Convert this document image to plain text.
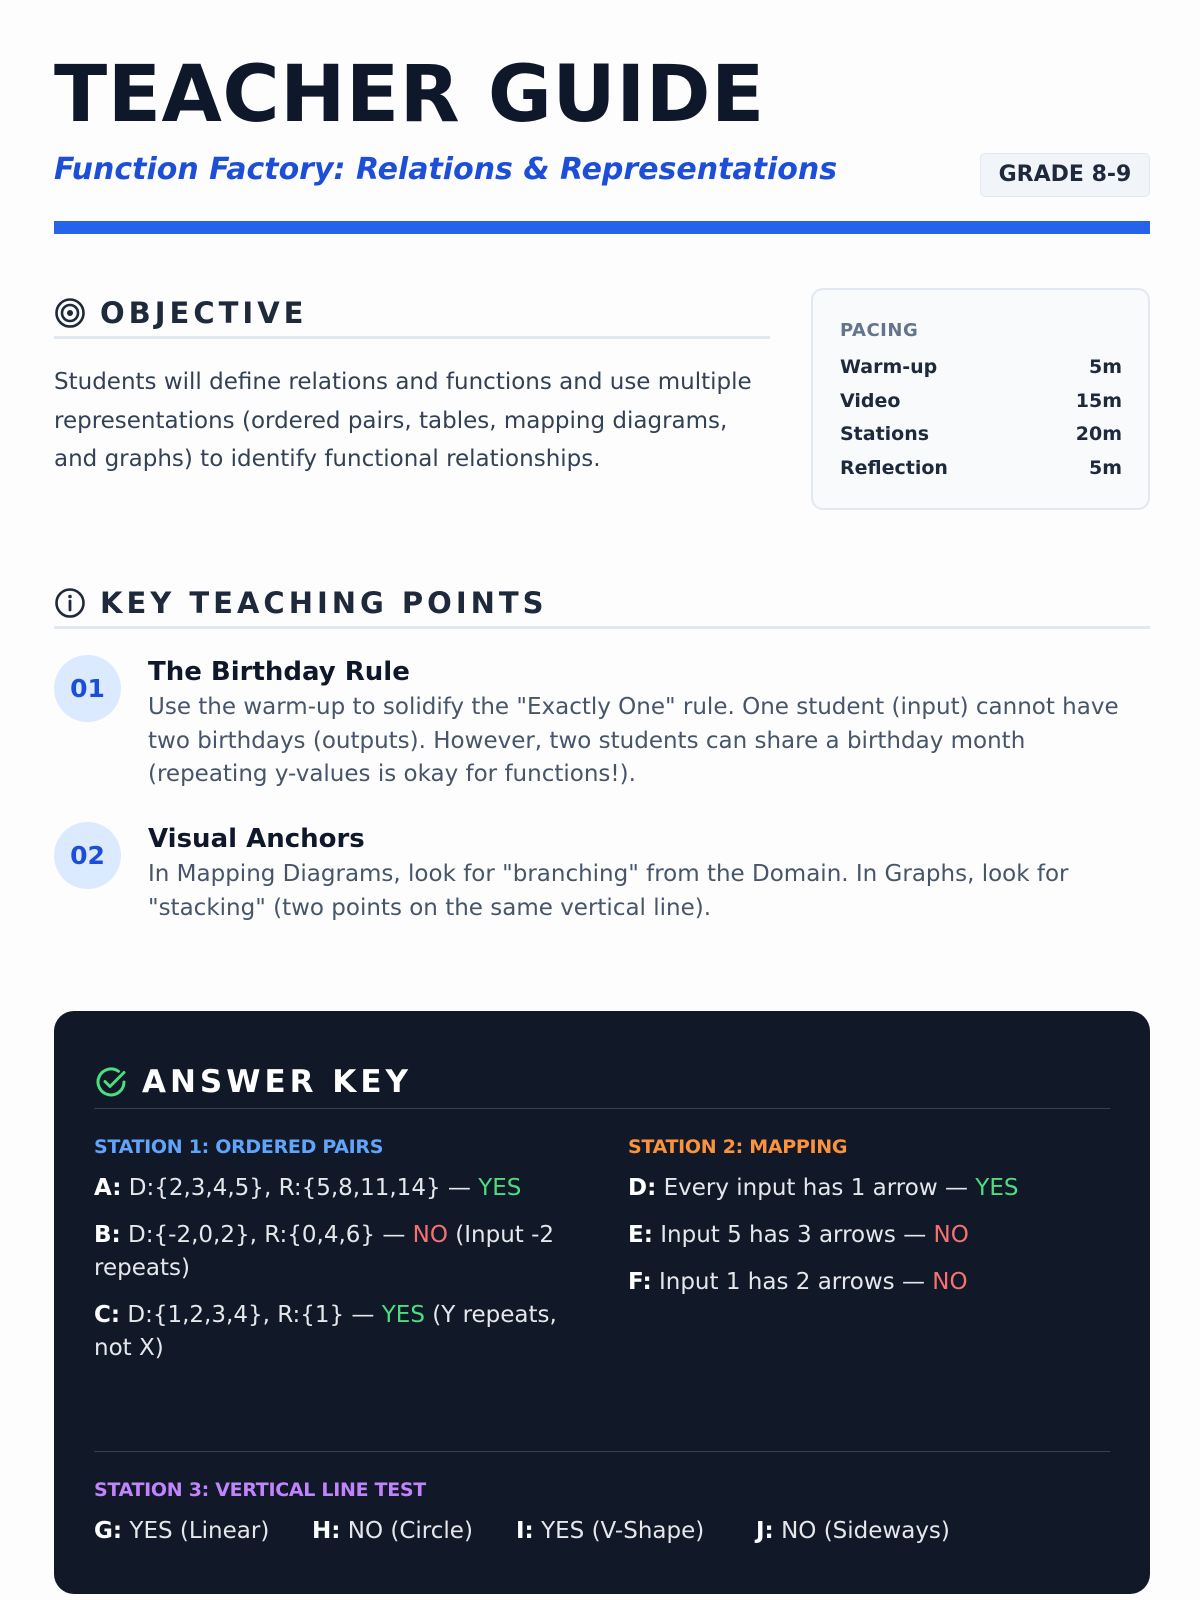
TEACHER GUIDE
Function Factory: Relations & Representations	GRADE 8-9
OBJECTIVE
Students will define relations and functions and use multiple representations (ordered pairs, tables, mapping diagrams, and graphs) to identify functional relationships.
PACING
Warm-up	5m
Video	15m
Stations	20m
Reflection	5m
KEY TEACHING POINTS
01
The Birthday Rule
Use the warm-up to solidify the "Exactly One" rule. One student (input) cannot have two birthdays (outputs). However, two students can share a birthday month (repeating y-values is okay for functions!).
02
Visual Anchors
In Mapping Diagrams, look for "branching" from the Domain. In Graphs, look for "stacking" (two points on the same vertical line).
ANSWER KEY
STATION 1: ORDERED PAIRS
A: D:{2,3,4,5}, R:{5,8,11,14} — YES
B: D:{-2,0,2}, R:{0,4,6} — NO (Input -2 repeats)
C: D:{1,2,3,4}, R:{1} — YES (Y repeats, not X)
STATION 2: MAPPING
D: Every input has 1 arrow — YES
E: Input 5 has 3 arrows — NO
F: Input 1 has 2 arrows — NO
STATION 3: VERTICAL LINE TEST
G: YES (Linear)	H: NO (Circle)	I: YES (V-Shape)	J: NO (Sideways)
